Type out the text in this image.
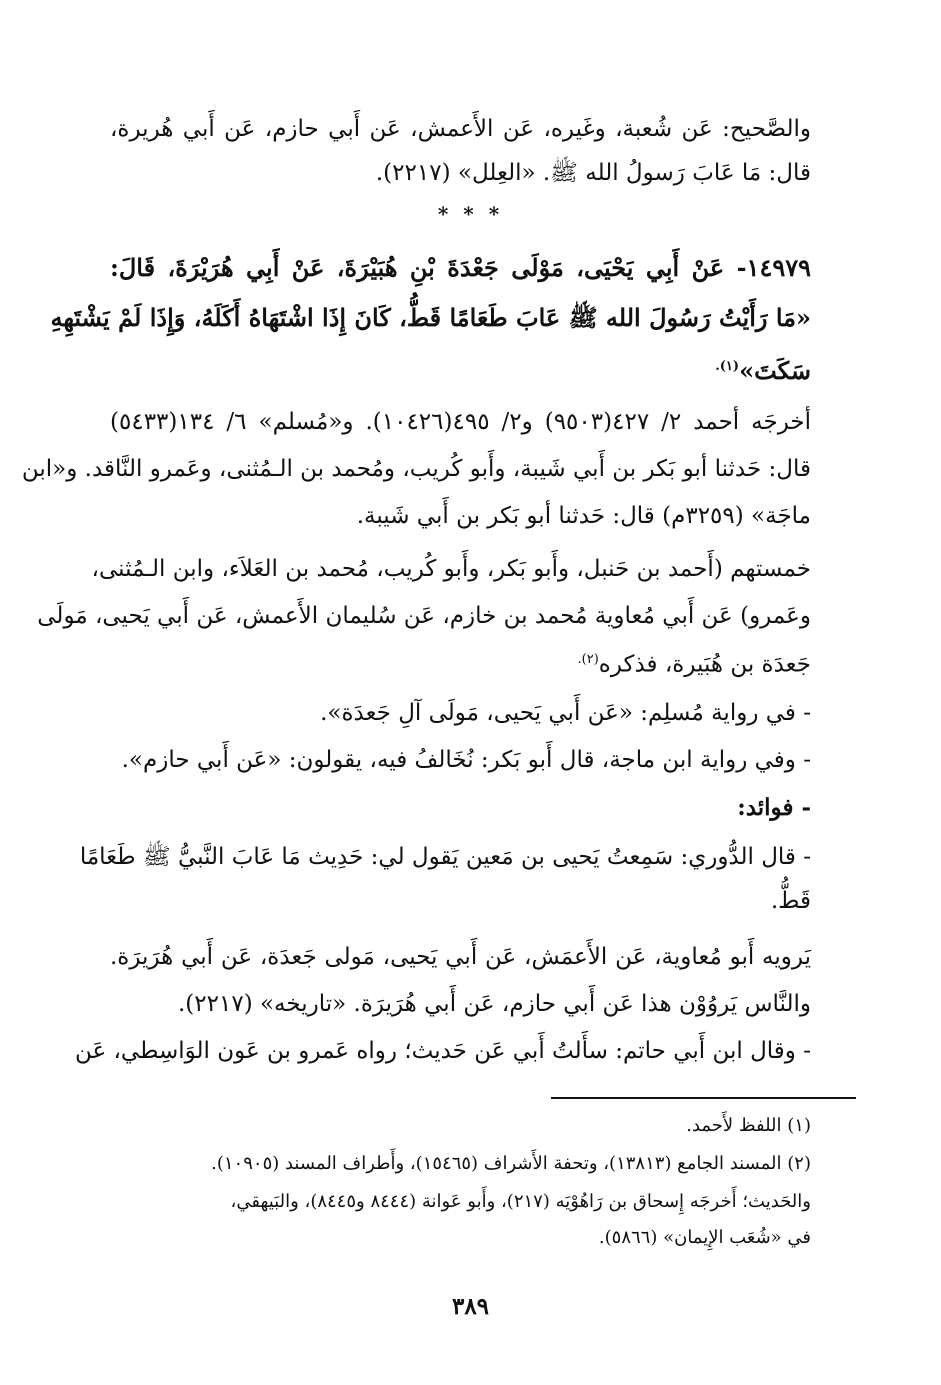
والصَّحيح: عَن شُعبة، وغَيره، عَن الأَعمش، عَن أَبي حازم، عَن أَبي هُريرة،
قال: مَا عَابَ رَسولُ الله ﷺ. «العِلل» (٢٢١٧).
* * *
١٤٩٧٩- عَنْ أَبِي يَحْيَى، مَوْلَى جَعْدَةَ بْنِ هُبَيْرَةَ، عَنْ أَبِي هُرَيْرَةَ، قَالَ:
«مَا رَأَيْتُ رَسُولَ الله ﷺ عَابَ طَعَامًا قَطُّ، كَانَ إِذَا اشْتَهَاهُ أَكَلَهُ، وَإِذَا لَمْ يَشْتَهِهِ
سَكَتَ»$^{(١).}$
أخرجَه أحمد ٢/ ٤٢٧(٩٥٠٣) و٢/ ٤٩٥(١٠٤٢٦). و«مُسلم» ٦/ ١٣٤(٥٤٣٣)
قال: حَدثنا أبو بَكر بن أَبي شَيبة، وأَبو كُريب، ومُحمد بن الـمُثنى، وعَمرو النَّاقد. و«ابن
ماجَة» (٣٢٥٩م) قال: حَدثنا أبو بَكر بن أَبي شَيبة.
خمستهم (أَحمد بن حَنبل، وأَبو بَكر، وأَبو كُريب، مُحمد بن العَلاَء، وابن الـمُثنى،
وعَمرو) عَن أَبي مُعاوية مُحمد بن خازم، عَن سُليمان الأَعمش، عَن أَبي يَحيى، مَولَى
جَعدَة بن هُبَيرة، فذكره$^{(٢).}$
- في رواية مُسلِم: «عَن أَبي يَحيى، مَولَى آلِ جَعدَة».
- وفي رواية ابن ماجة، قال أَبو بَكر: نُخَالفُ فيه، يقولون: «عَن أَبي حازم».
- فوائد:
- قال الدُّوري: سَمِعتُ يَحيى بن مَعين يَقول لي: حَدِيث مَا عَابَ النَّبيُّ ﷺ طَعَامًا
قَطُّ.
يَرويه أَبو مُعاوية، عَن الأَعمَش، عَن أَبي يَحيى، مَولى جَعدَة، عَن أَبي هُرَيرَة.
والنَّاس يَروُوْن هذا عَن أَبي حازم، عَن أَبي هُرَيرَة. «تاريخه» (٢٢١٧).
- وقال ابن أَبي حاتم: سأَلتُ أَبي عَن حَديث؛ رواه عَمرو بن عَون الوَاسِطي، عَن
(١) اللفظ لأَحمد.
(٢) المسند الجامع (١٣٨١٣)، وتحفة الأَشراف (١٥٤٦٥)، وأَطراف المسند (١٠٩٠٥).
والحَديث؛ أَخرجَه إِسحاق بن رَاهُوْيَه (٢١٧)، وأَبو عَوانة (٨٤٤٤ و٨٤٤٥)، والبَيهقي،
في «شُعَب الإِيمان» (٥٨٦٦).
٣٨٩
